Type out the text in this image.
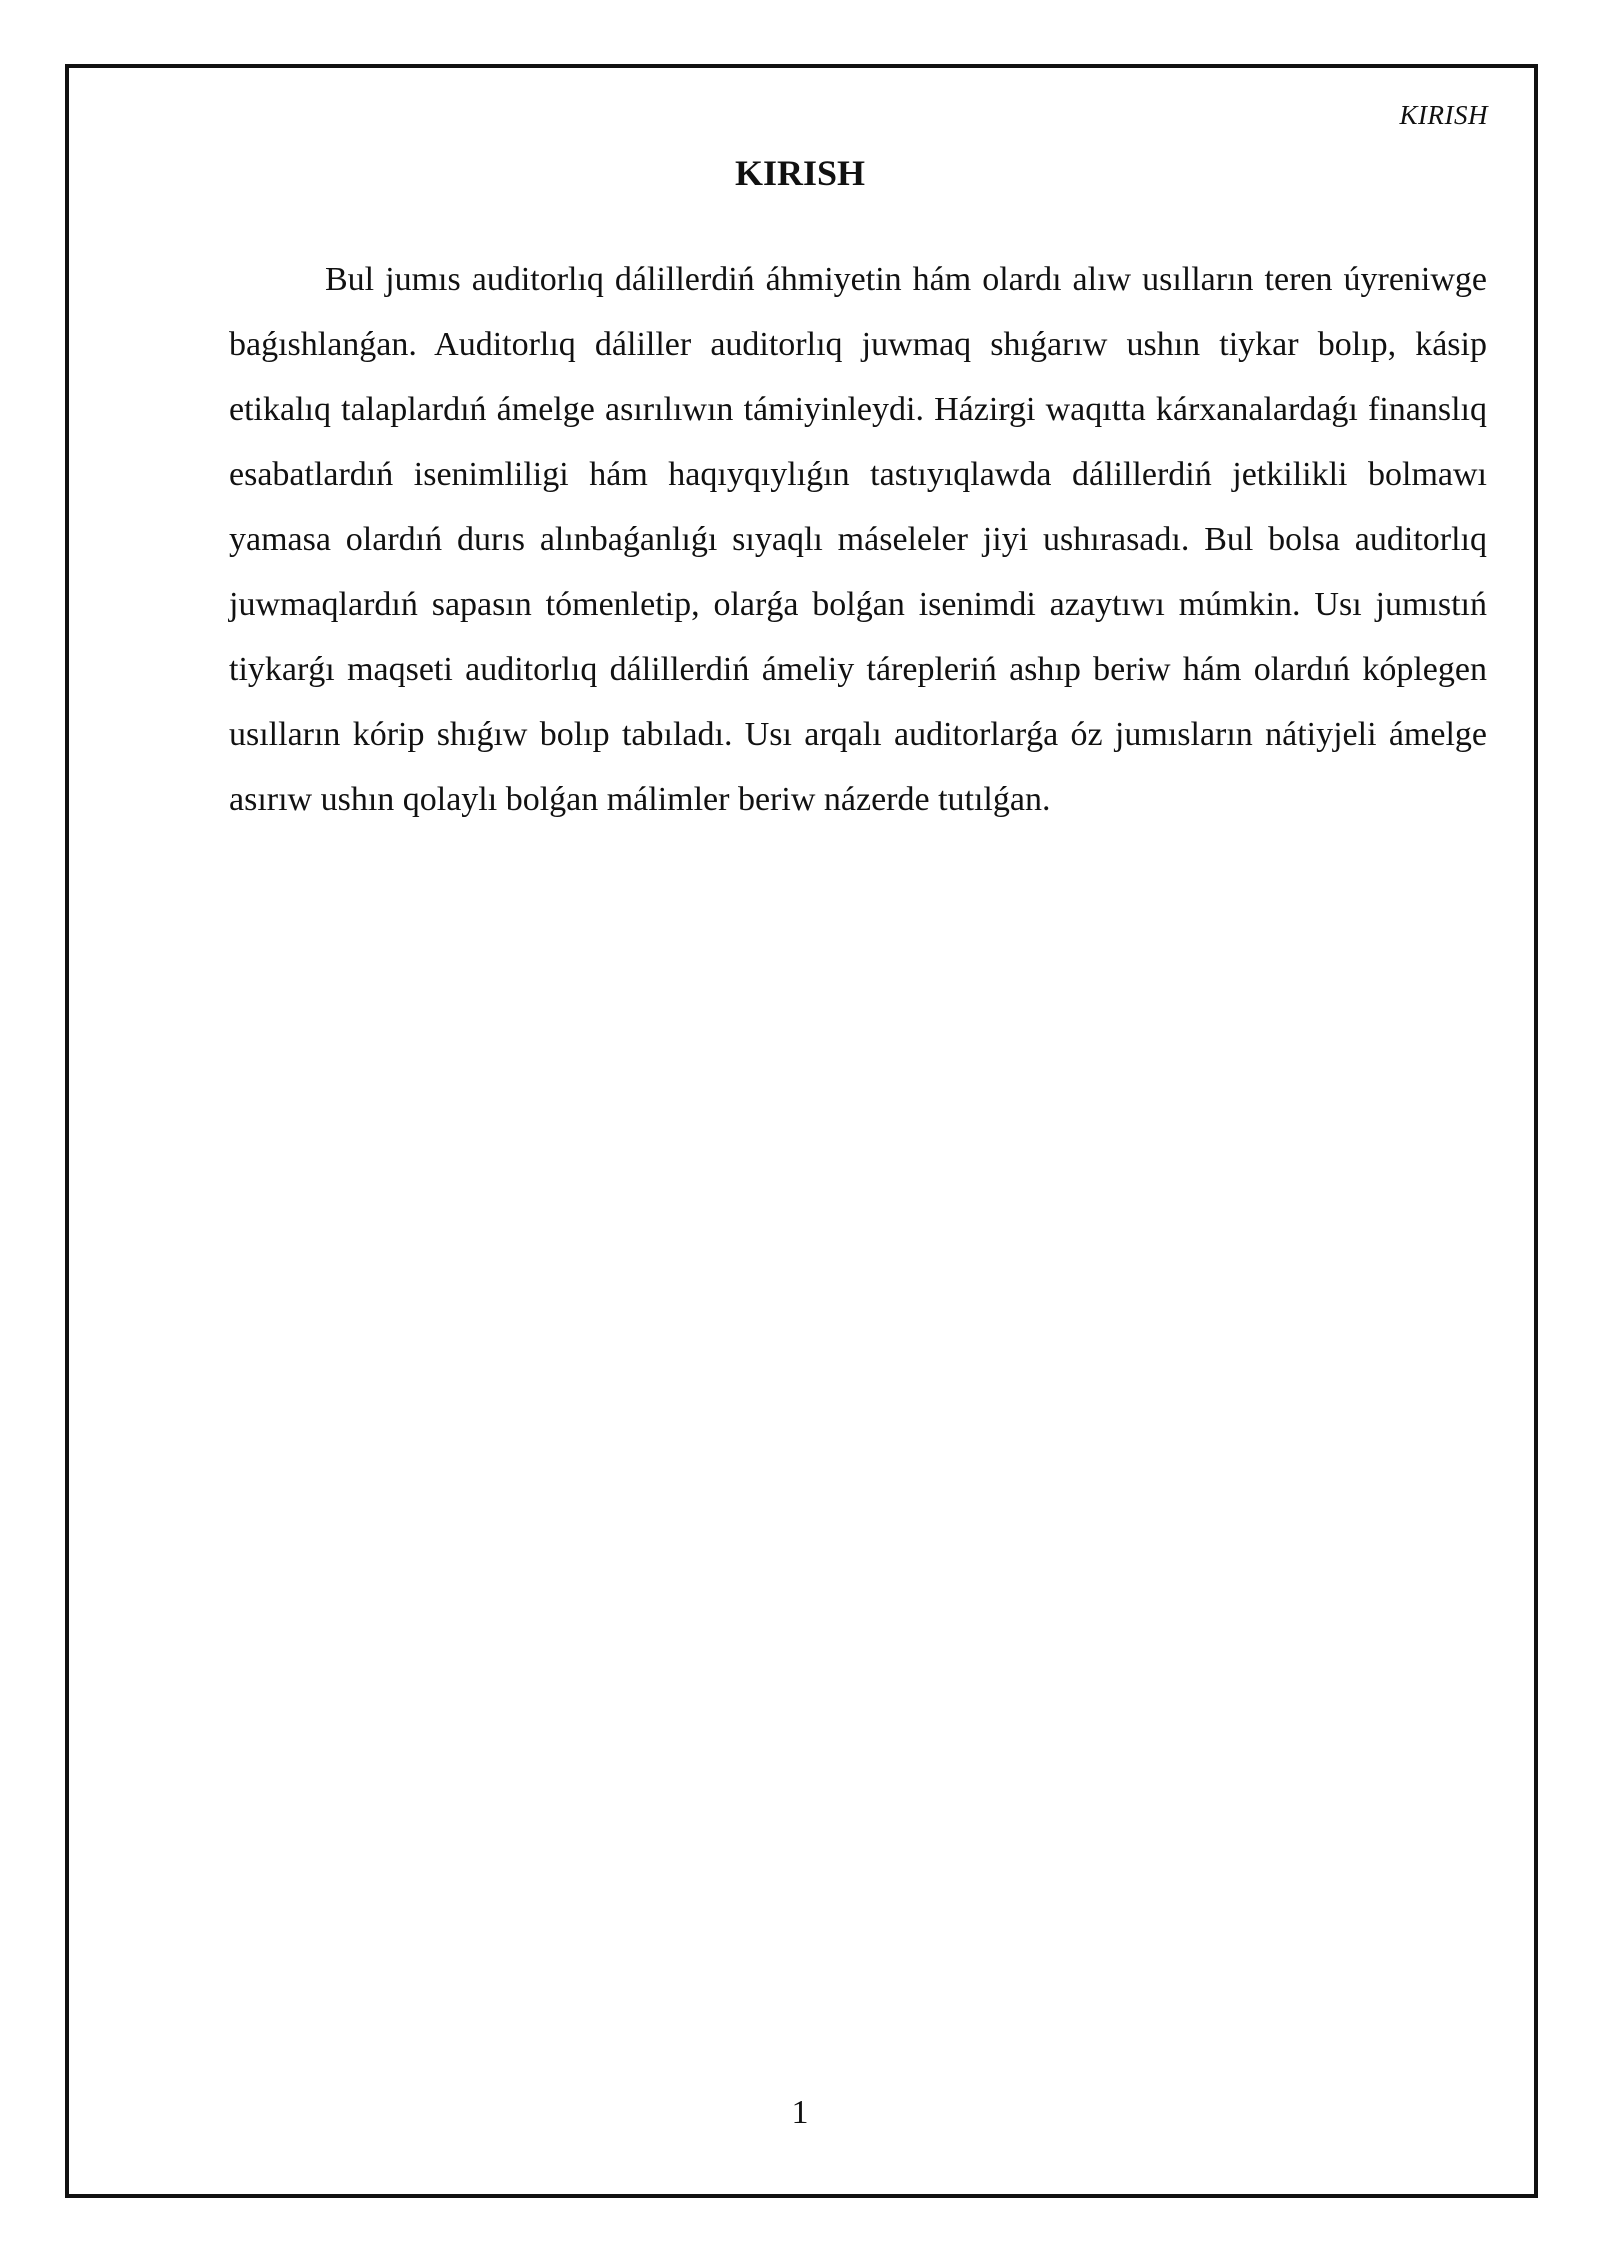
KIRISH
KIRISH

Bul jumıs auditorlıq dálillerdiń áhmiyetin hám olardı alıw usılların teren úyreniwge baǵıshlanǵan. Auditorlıq dáliller auditorlıq juwmaq shıǵarıw ushın tiykar bolıp, kásip etikalıq talaplardıń ámelge asırılıwın támiyinleydi. Házirgi waqıtta kárxanalardaǵı finanslıq esabatlardıń isenimliligi hám haqıyqıylıǵın tastıyıqlawda dálillerdiń jetkilikli bolmawı yamasa olardıń durıs alınbaǵanlıǵı sıyaqlı máseleler jiyi ushırasadı. Bul bolsa auditorlıq juwmaqlardıń sapasın tómenletip, olarǵa bolǵan isenimdi azaytıwı múmkin. Usı jumıstıń tiykarǵı maqseti auditorlıq dálillerdiń ámeliy tárepleriń ashıp beriw hám olardıń kóplegen usılların kórip shıǵıw bolıp tabıladı. Usı arqalı auditorlarǵa óz jumısların nátiyjeli ámelge asırıw ushın qolaylı bolǵan málimler beriw názerde tutılǵan.

1
